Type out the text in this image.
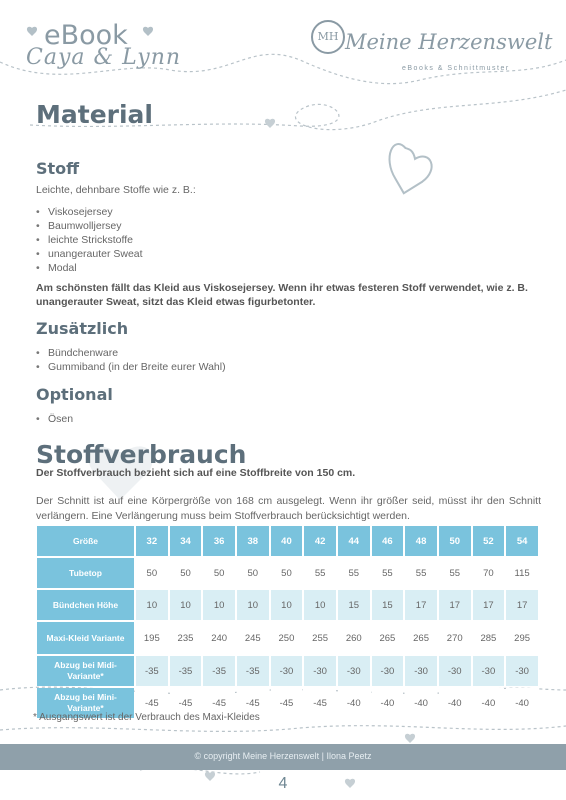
eBook
Caya & Lynn
MH Meine Herzenswelt
eBooks & Schnittmuster
Material
Stoff
Leichte, dehnbare Stoffe wie z. B.:
• Viskosejersey
• Baumwolljersey
• leichte Strickstoffe
• unangerauter Sweat
• Modal
Am schönsten fällt das Kleid aus Viskosejersey. Wenn ihr etwas festeren Stoff verwendet, wie z. B. unangerauter Sweat, sitzt das Kleid etwas figurbetonter.
Zusätzlich
• Bündchenware
• Gummiband (in der Breite eurer Wahl)
Optional
• Ösen
Stoffverbrauch
Der Stoffverbrauch bezieht sich auf eine Stoffbreite von 150 cm.
Der Schnitt ist auf eine Körpergröße von 168 cm ausgelegt. Wenn ihr größer seid, müsst ihr den Schnitt verlängern. Eine Verlängerung muss beim Stoffverbrauch berücksichtigt werden.
Größe	32	34	36	38	40	42	44	46	48	50	52	54
Tubetop	50	50	50	50	50	55	55	55	55	55	70	115
Bündchen Höhe	10	10	10	10	10	10	15	15	17	17	17	17
Maxi-Kleid Variante	195	235	240	245	250	255	260	265	265	270	285	295
Abzug bei Midi-Variante*	-35	-35	-35	-35	-30	-30	-30	-30	-30	-30	-30	-30
Abzug bei Mini-Variante*	-45	-45	-45	-45	-45	-45	-40	-40	-40	-40	-40	-40
* Ausgangswert ist der Verbrauch des Maxi-Kleides
© copyright Meine Herzenswelt | Ilona Peetz
4
